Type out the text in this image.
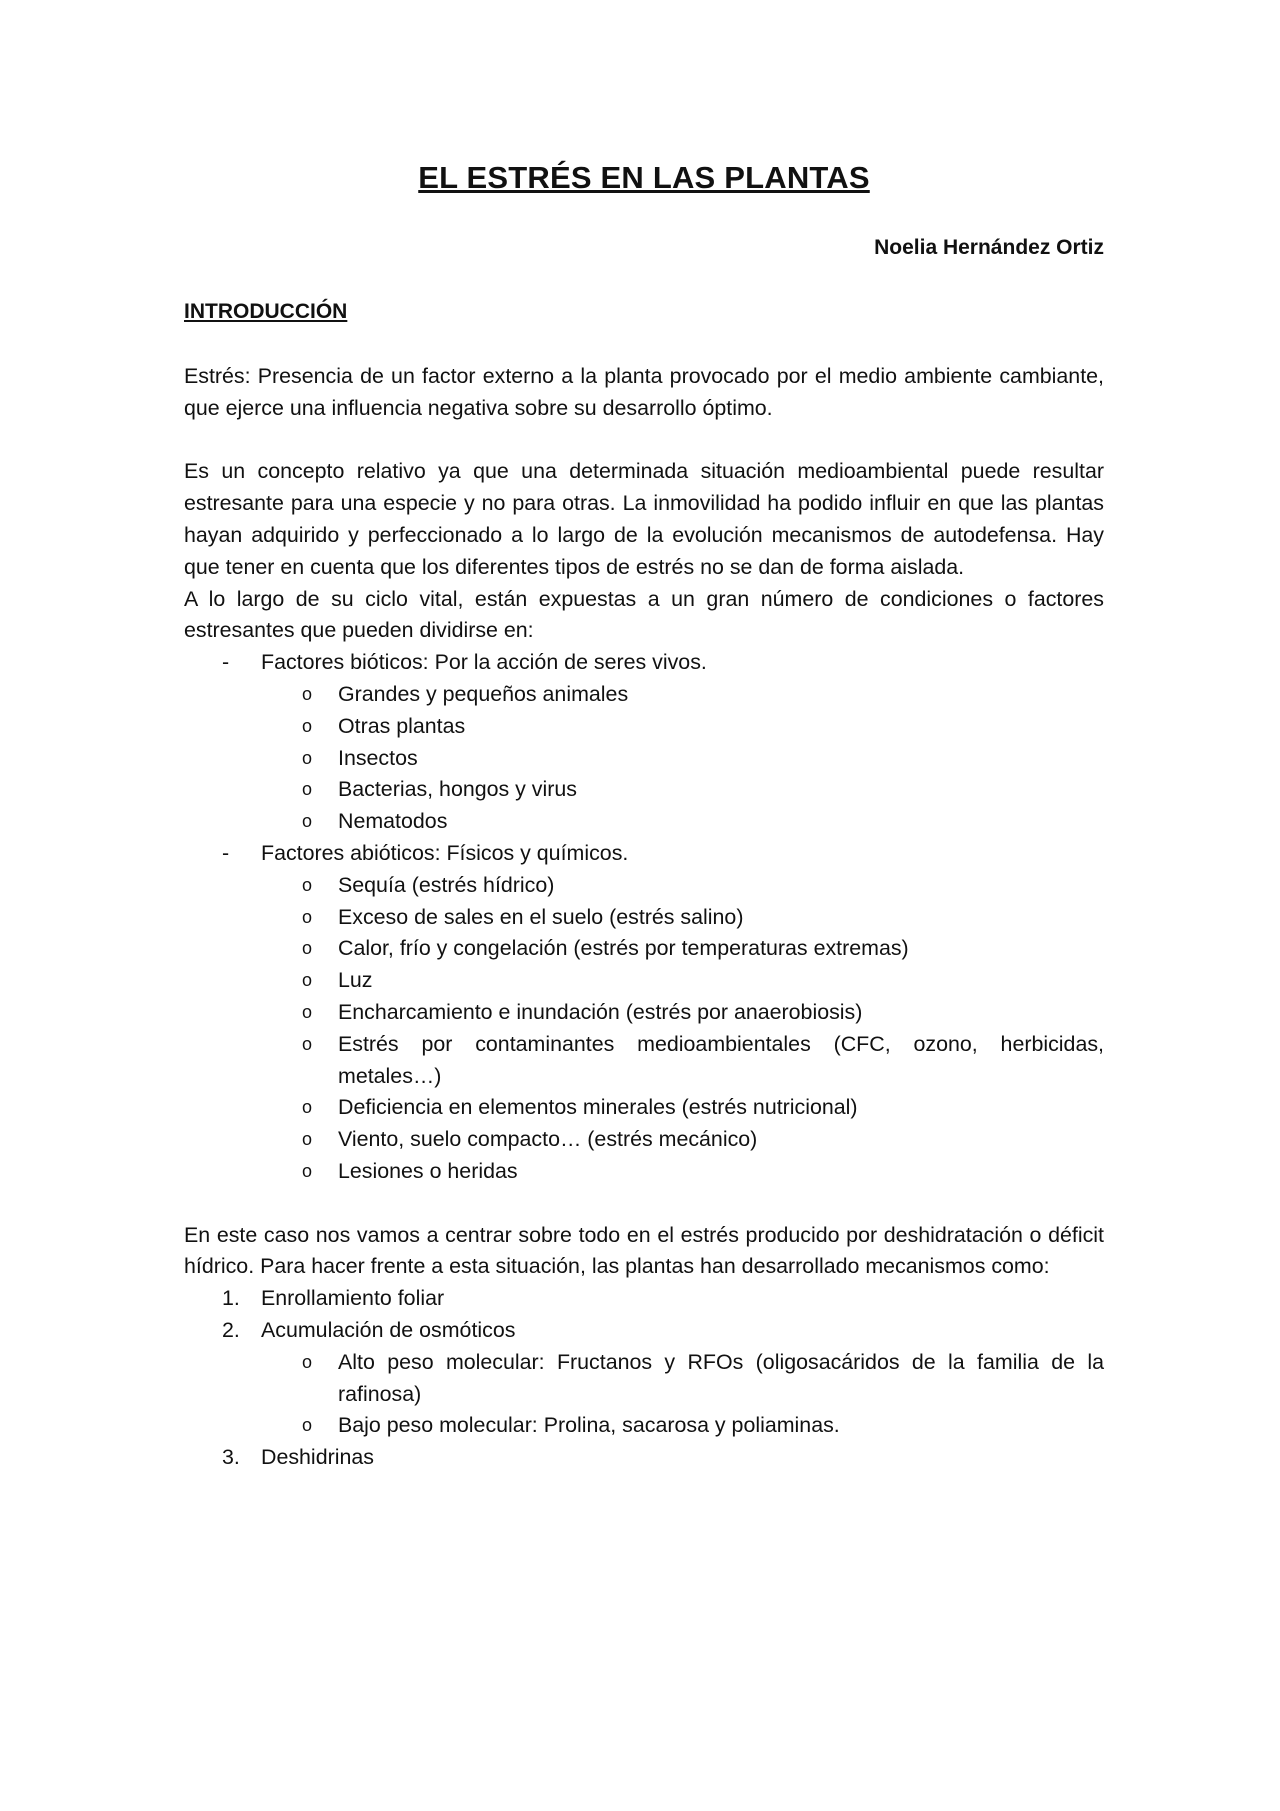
EL ESTRÉS EN LAS PLANTAS
Noelia Hernández Ortiz
INTRODUCCIÓN

Estrés: Presencia de un factor externo a la planta provocado por el medio ambiente cambiante, que ejerce una influencia negativa sobre su desarrollo óptimo.

Es un concepto relativo ya que una determinada situación medioambiental puede resultar estresante para una especie y no para otras. La inmovilidad ha podido influir en que las plantas hayan adquirido y perfeccionado a lo largo de la evolución mecanismos de autodefensa. Hay que tener en cuenta que los diferentes tipos de estrés no se dan de forma aislada.

A lo largo de su ciclo vital, están expuestas a un gran número de condiciones o factores estresantes que pueden dividirse en:

-	Factores bióticos: Por la acción de seres vivos.
o Grandes y pequeños animales
o Otras plantas
o Insectos
o Bacterias, hongos y virus
o Nematodos
-	Factores abióticos: Físicos y químicos.
o Sequía (estrés hídrico)
o Exceso de sales en el suelo (estrés salino)
o Calor, frío y congelación (estrés por temperaturas extremas)
o Luz
o Encharcamiento e inundación (estrés por anaerobiosis)
o Estrés por contaminantes medioambientales (CFC, ozono, herbicidas, metales…)
o Deficiencia en elementos minerales (estrés nutricional)
o Viento, suelo compacto… (estrés mecánico)
o Lesiones o heridas

En este caso nos vamos a centrar sobre todo en el estrés producido por deshidratación o déficit hídrico. Para hacer frente a esta situación, las plantas han desarrollado mecanismos como:

1. Enrollamiento foliar
2. Acumulación de osmóticos
o Alto peso molecular: Fructanos y RFOs (oligosacáridos de la familia de la rafinosa)
o Bajo peso molecular: Prolina, sacarosa y poliaminas.
3. Deshidrinas
